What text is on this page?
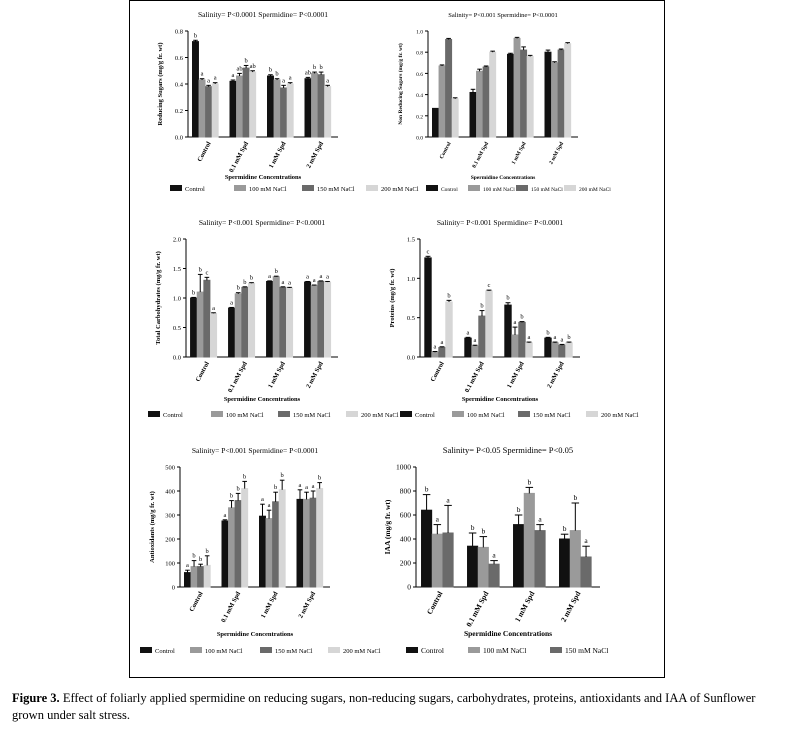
Salinity= P<0.0001 Spermidine= P<0.0001
0.0
0.2
0.4
0.6
0.8
Reducing Sugars (mg/g fr. wt)
b
a
a a
Control
a
ab
b
ab
0.1 mM Spd
b
b
a a
1 mM Spd
ab
b b
a
2 mM Spd
Spermidine Concentrations
Control	100 mM NaCl	150 mM NaCl	200 mM NaCl
Salinity= P<0.001 Spermidine= P<0.0001
0.0
0.2
0.4
0.6
0.8
1.0
Non Reducing Sugars (mg/g fr. wt)
Control	0.1 mM Spd	1 mM Spd	2 mM Spd
Spermidine Concentrations
Control	100 mM NaCl	150 mM NaCl	200 mM NaCl
Salinity= P<0.001 Spermidine= P<0.0001
0.0
0.5
1.0
1.5
2.0
Total Carbohydrates (mg/g fr. wt)	b
b c
a
Control
a
b
b
b
0.1 mM Spd
a
b
a a
1 mM Spd
a
a
a a
2 mM Spd
Spermidine Concentrations
Control	100 mM NaCl	150 mM NaCl	200 mM NaCl
Salinity= P<0.001 Spermidine= P<0.0001
0.0
0.5
1.0
1.5
Proteins (mg/g fr. wt)
c
a
a
b
Control
a
a
b
c
0.1 mM Spd
b
a
b
a
1 mM Spd
b
a a b
2 mM Spd
Spermidine Concentrations
Control	100 mM NaCl	150 mM NaCl	200 mM NaCl
Salinity= P<0.001 Spermidine= P<0.0001
0
100
200
300
400
500
Antioxidants (mg/g fr. wt)
a
b
b
b
Control
a
b
b
b
0.1 mM Spd
a
a
b
b
1 mM Spd
a a a
b
2 mM Spd
Spermidine Concentrations
Control	100 mM NaCl	150 mM NaCl	200 mM NaCl
Salinity= P<0.05 Spermidine= P<0.05
0
200
400
600
800
1000
IAA (mg/g fr. wt)
b
a
a
Control
b b
a
0.1 mM Spd
b
b
a
1 mM Spd
b
b
a
2 mM Spd
Spermidine Concentrations
Control	100 mM NaCl	150 mM NaCl
Figure 3. Effect of foliarly applied spermidine on reducing sugars, non-reducing sugars, carbohydrates, proteins, antioxidants and IAA of Sunflower grown under salt stress.
